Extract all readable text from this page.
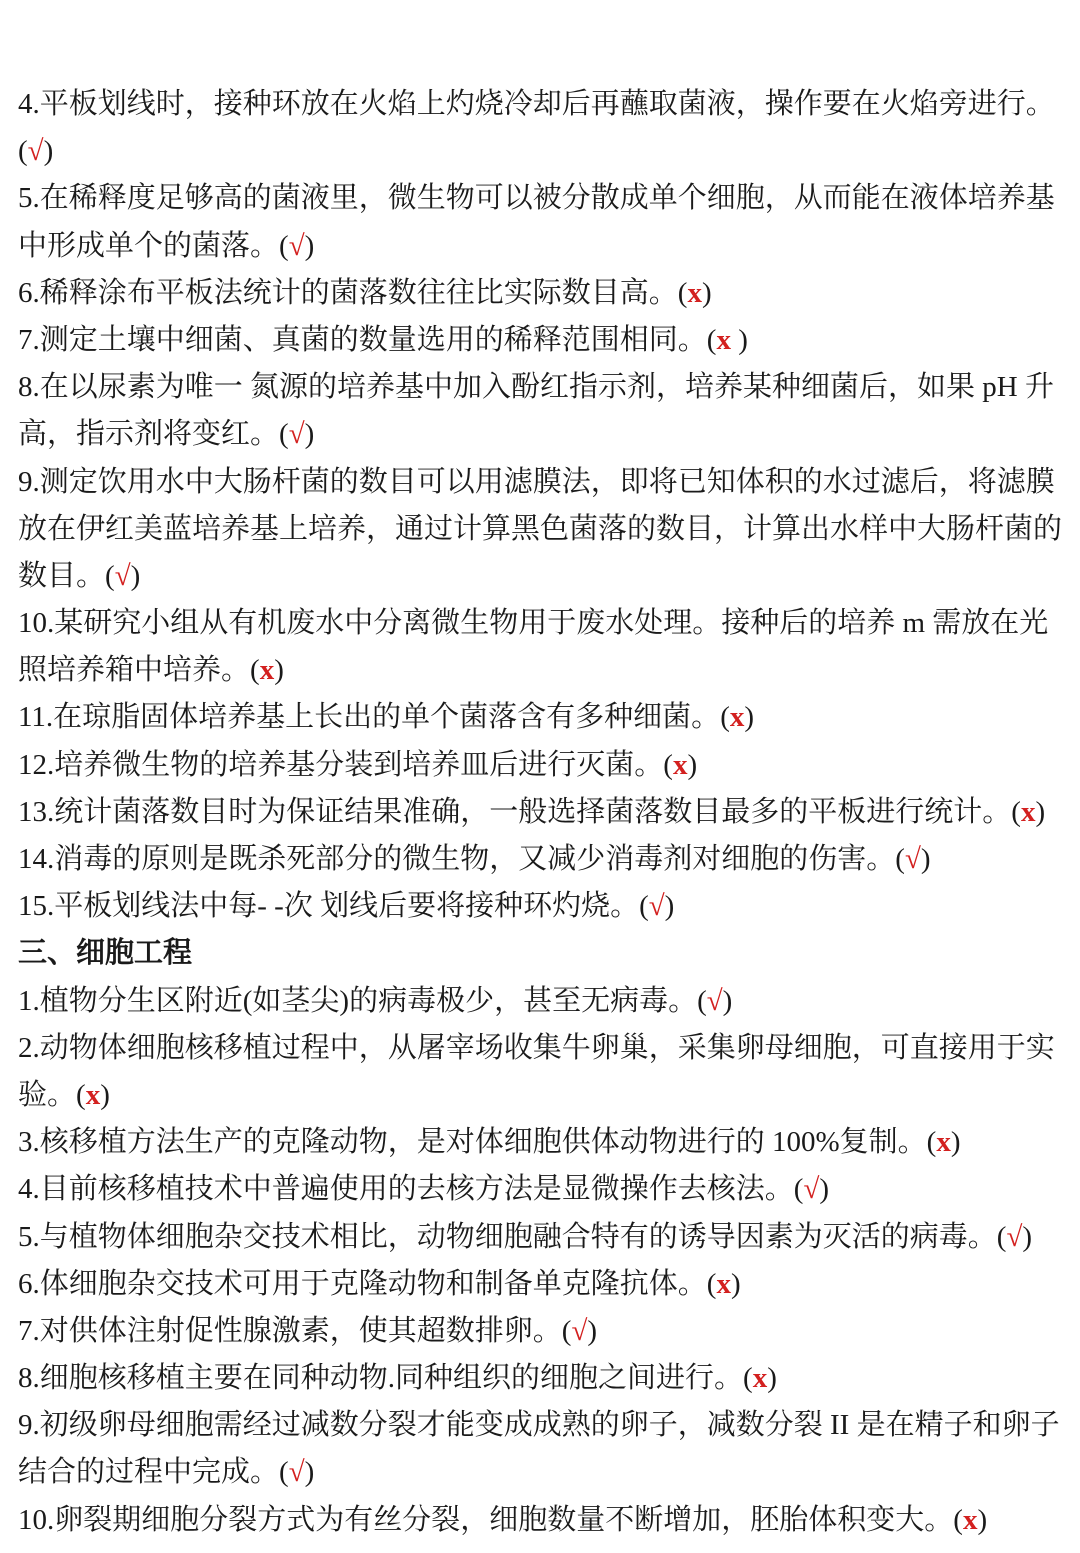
4.平板划线时，接种环放在火焰上灼烧冷却后再蘸取菌液，操作要在火焰旁进行。
(√)
5.在稀释度足够高的菌液里，微生物可以被分散成单个细胞，从而能在液体培养基
中形成单个的菌落。(√)
6.稀释涂布平板法统计的菌落数往往比实际数目高。(x)
7.测定土壤中细菌、真菌的数量选用的稀释范围相同。(x )
8.在以尿素为唯一 氮源的培养基中加入酚红指示剂，培养某种细菌后，如果 pH 升
高，指示剂将变红。(√)
9.测定饮用水中大肠杆菌的数目可以用滤膜法，即将已知体积的水过滤后，将滤膜
放在伊红美蓝培养基上培养，通过计算黑色菌落的数目，计算出水样中大肠杆菌的
数目。(√)
10.某研究小组从有机废水中分离微生物用于废水处理。接种后的培养 m 需放在光
照培养箱中培养。(x)
11.在琼脂固体培养基上长出的单个菌落含有多种细菌。(x)
12.培养微生物的培养基分装到培养皿后进行灭菌。(x)
13.统计菌落数目时为保证结果准确，一般选择菌落数目最多的平板进行统计。(x)
14.消毒的原则是既杀死部分的微生物，又减少消毒剂对细胞的伤害。(√)
15.平板划线法中每- -次 划线后要将接种环灼烧。(√)
三、细胞工程
1.植物分生区附近(如茎尖)的病毒极少，甚至无病毒。(√)
2.动物体细胞核移植过程中，从屠宰场收集牛卵巢，采集卵母细胞，可直接用于实
验。(x)
3.核移植方法生产的克隆动物，是对体细胞供体动物进行的 100%复制。(x)
4.目前核移植技术中普遍使用的去核方法是显微操作去核法。(√)
5.与植物体细胞杂交技术相比，动物细胞融合特有的诱导因素为灭活的病毒。(√)
6.体细胞杂交技术可用于克隆动物和制备单克隆抗体。(x)
7.对供体注射促性腺激素，使其超数排卵。(√)
8.细胞核移植主要在同种动物.同种组织的细胞之间进行。(x)
9.初级卵母细胞需经过减数分裂才能变成成熟的卵子，减数分裂 II 是在精子和卵子
结合的过程中完成。(√)
10.卵裂期细胞分裂方式为有丝分裂，细胞数量不断增加，胚胎体积变大。(x)
